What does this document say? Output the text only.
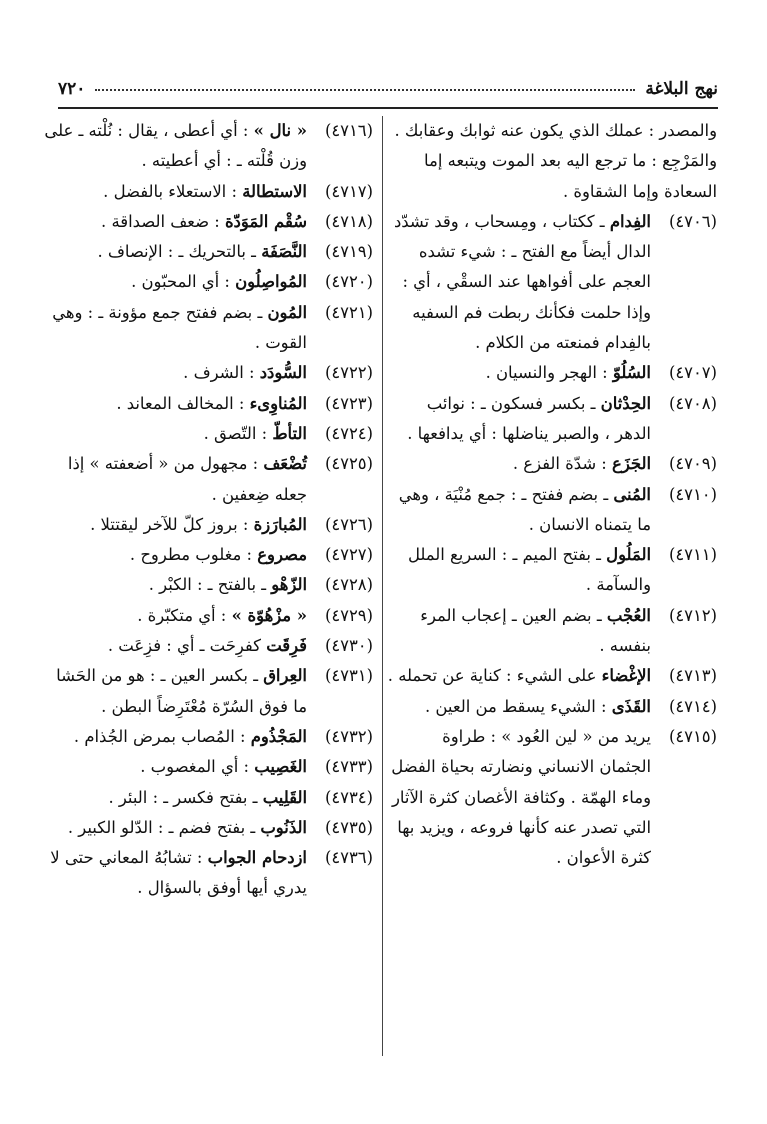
٧٢٠	نهج البلاغة
والمصدر : عملك الذي يكون عنه ثوابك وعقابك . والمَرْجِع : ما ترجع اليه بعد الموت ويتبعه إما السعادة وإما الشقاوة .
(٤٧٠٦)
الفِدام ـ ككتاب ، ومِسحاب ، وقد تشدّد الدال أيضاً مع الفتح ـ : شيء تشده العجم على أفواهها عند السقْي ، أي : وإذا حلمت فكأنك ربطت فم السفيه بالفِدام فمنعته من الكلام .
(٤٧٠٧)
السُلُوّ : الهجر والنسيان .
(٤٧٠٨)
الحِدْثان ـ بكسر فسكون ـ : نوائب الدهر ، والصبر يناضلها : أي يدافعها .
(٤٧٠٩)
الجَزَع : شدّة الفزع .
(٤٧١٠)
المُنى ـ بضم ففتح ـ : جمع مُنْيَة ، وهي ما يتمناه الانسان .
(٤٧١١)
المَلُول ـ بفتح الميم ـ : السريع الملل والسآمة .
(٤٧١٢)
العُجْب ـ بضم العين ـ إعجاب المرء بنفسه .
(٤٧١٣)
الإغْضاء على الشيء : كناية عن تحمله .
(٤٧١٤)
القَذَى : الشيء يسقط من العين .
(٤٧١٥)
يريد من « لين العُود » : طراوة الجثمان الانساني ونضارته بحياة الفضل وماء الهمّة . وكثافة الأغصان كثرة الآثار التي تصدر عنه كأنها فروعه ، ويزيد بها كثرة الأعوان .
(٤٧١٦)
« نال » : أي أعطى ، يقال : نُلْته ـ على وزن قُلْته ـ : أي أعطيته .
(٤٧١٧)
الاستطالة : الاستعلاء بالفضل .
(٤٧١٨)
سُقْم المَوَدّة : ضعف الصداقة .
(٤٧١٩)
النَّصَفَة ـ بالتحريك ـ : الإنصاف .
(٤٧٢٠)
المُواصِلُون : أي المحبّون .
(٤٧٢١)
المُون ـ بضم ففتح جمع مؤونة ـ : وهي القوت .
(٤٧٢٢)
السُّودَد : الشرف .
(٤٧٢٣)
المُناوِىء : المخالف المعاند .
(٤٧٢٤)
التأطّ : التّصق .
(٤٧٢٥)
تُضْعَف : مجهول من « أضعفته » إذا جعله ضِعفين .
(٤٧٢٦)
المُبارَزة : بروز كلّ للآخر ليقتتلا .
(٤٧٢٧)
مصروع : مغلوب مطروح .
(٤٧٢٨)
الزّهْو ـ بالفتح ـ : الكبْر .
(٤٧٢٩)
« مزْهُوّة » : أي متكبّرة .
(٤٧٣٠)
فَرِقَت كفرِحَت ـ أي : فزِعَت .
(٤٧٣١)
العِراق ـ بكسر العين ـ : هو من الحَشا ما فوق السُرّة مُعْتَرِضاً البطن .
(٤٧٣٢)
المَجْذُوم : المُصاب بمرض الجُذام .
(٤٧٣٣)
الغَصِيب : أي المغصوب .
(٤٧٣٤)
القَلِيب ـ بفتح فكسر ـ : البئر .
(٤٧٣٥)
الذَنُوب ـ بفتح فضم ـ : الدّلو الكبير .
(٤٧٣٦)
ازدحام الجواب : تشابُهُ المعاني حتى لا يدري أيها أوفق بالسؤال .
